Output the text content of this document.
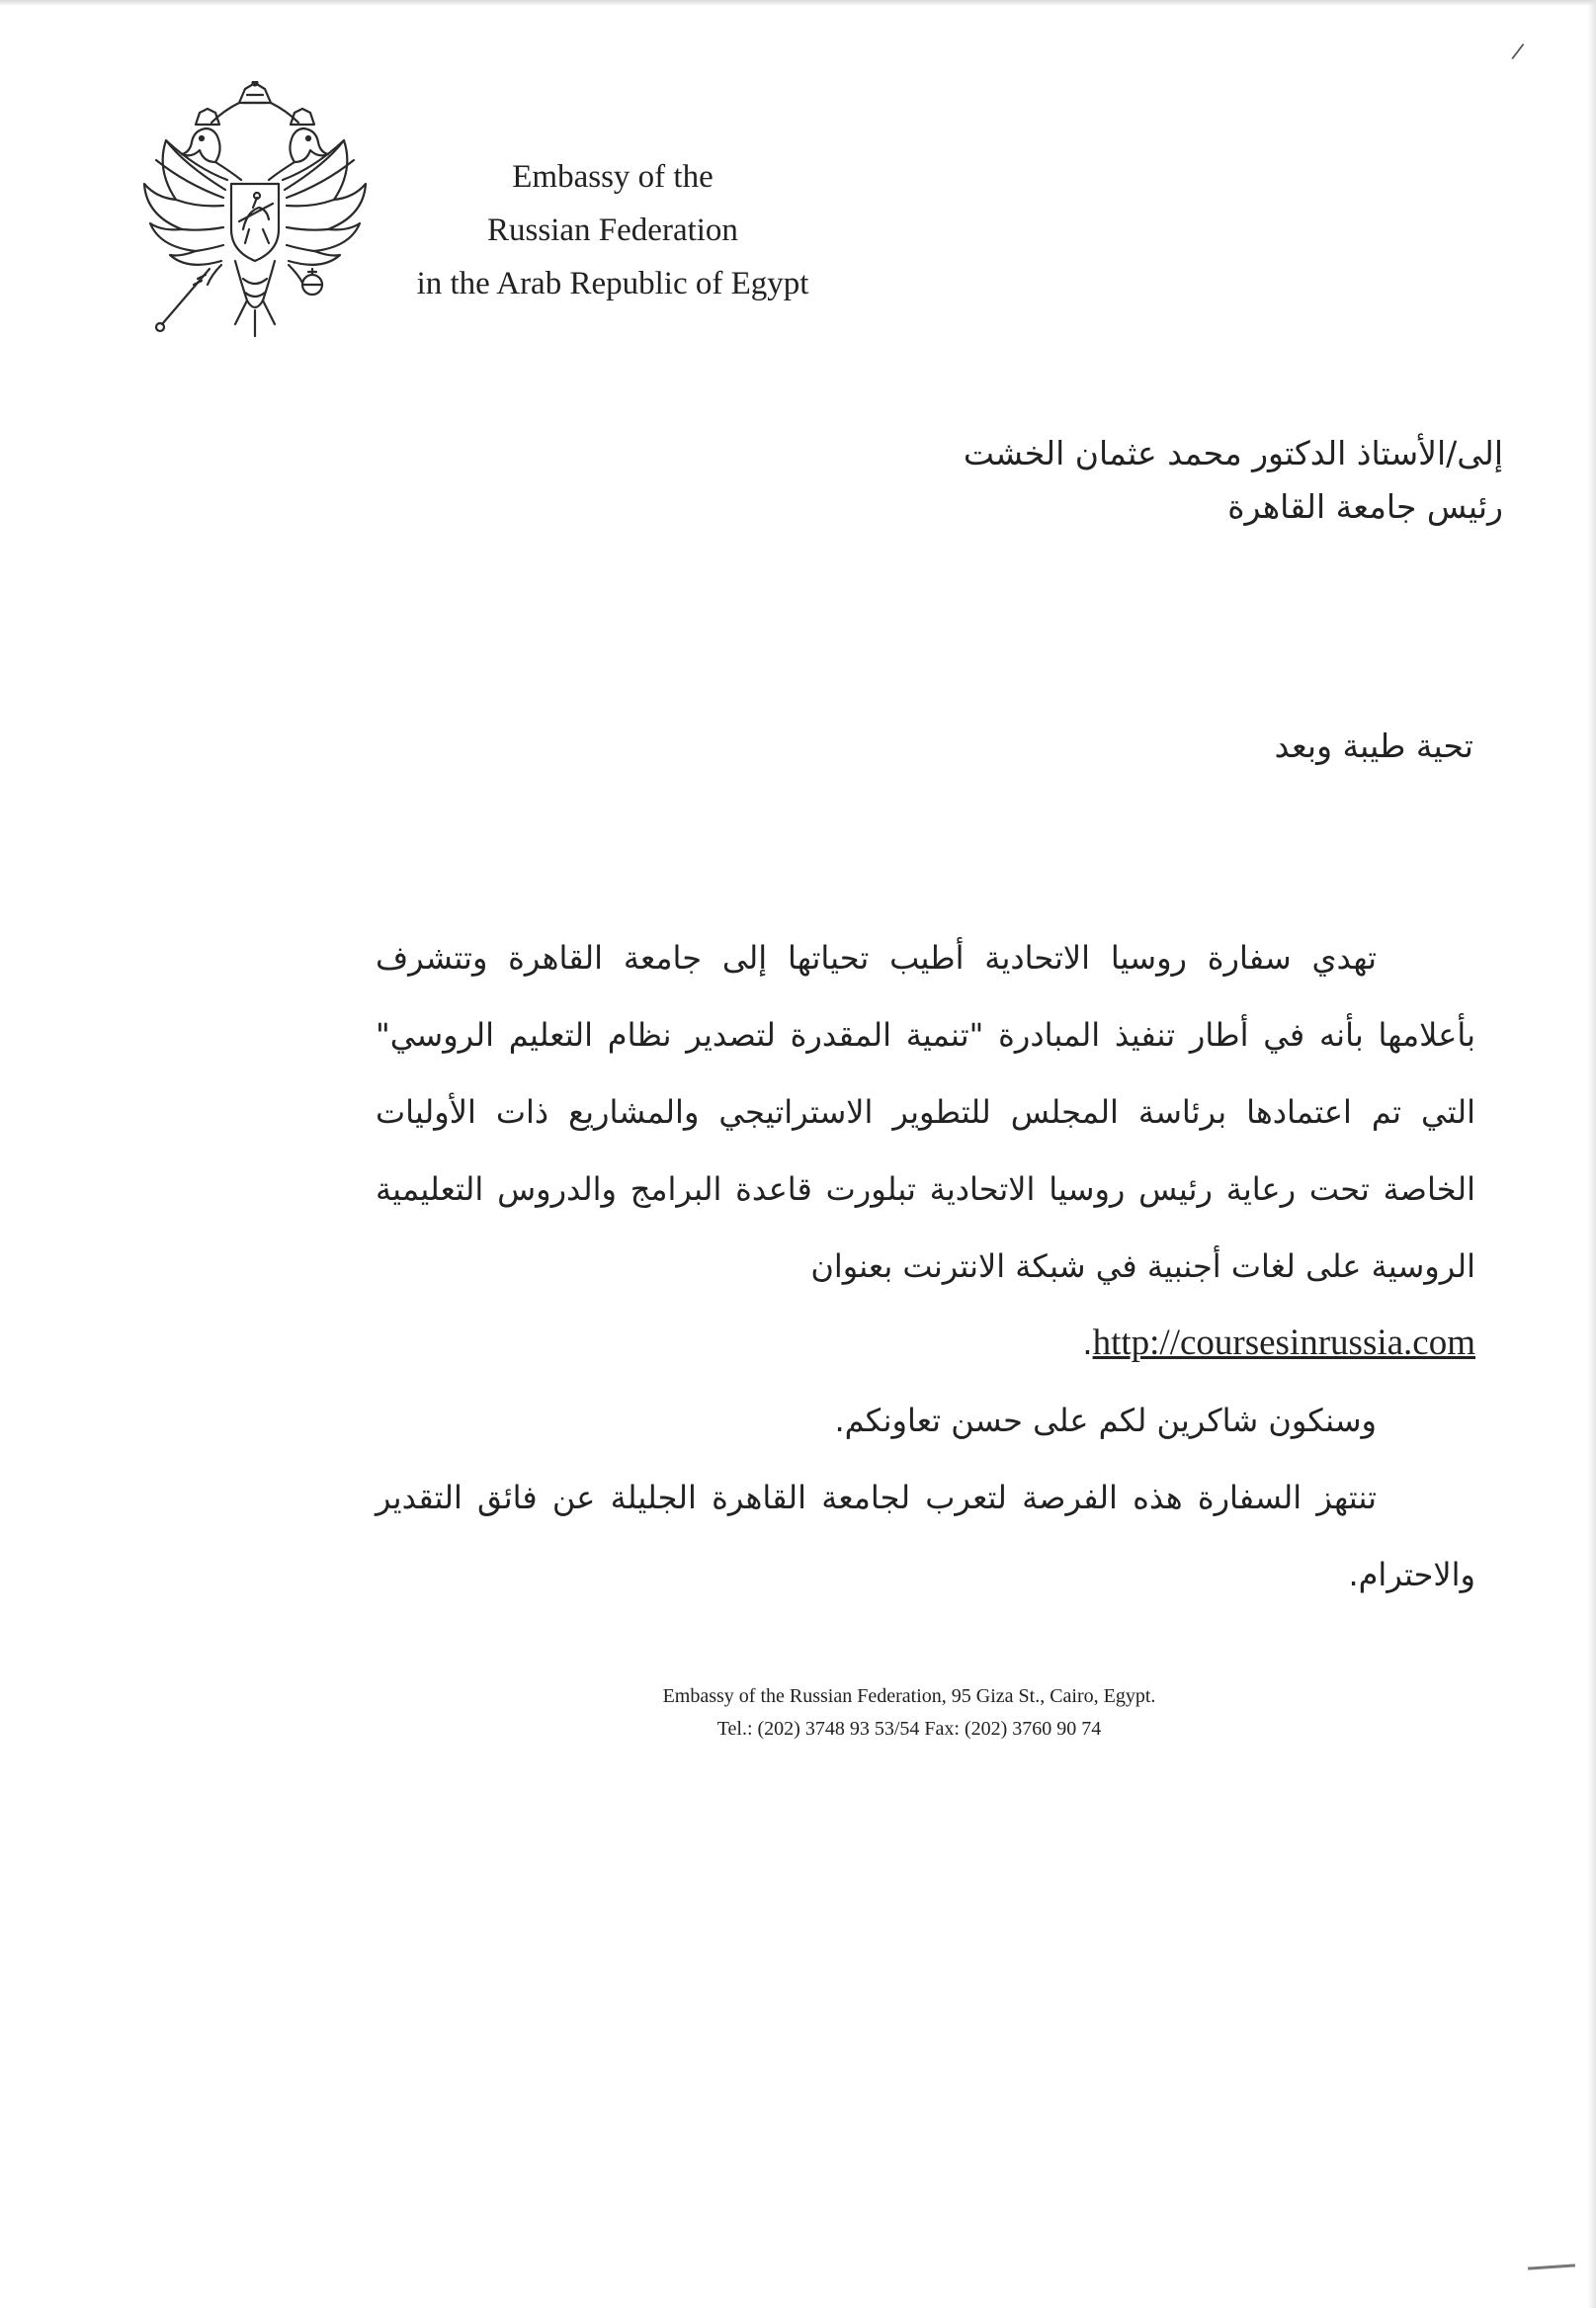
∕
Embassy of the
Russian Federation
in the Arab Republic of Egypt
إلى/الأستاذ الدكتور محمد عثمان الخشت
رئيس جامعة القاهرة
تحية طيبة وبعد

تهدي سفارة روسيا الاتحادية أطيب تحياتها إلى جامعة القاهرة وتتشرف بأعلامها بأنه في أطار تنفيذ المبادرة "تنمية المقدرة لتصدير نظام التعليم الروسي" التي تم اعتمادها برئاسة المجلس للتطوير الاستراتيجي والمشاريع ذات الأوليات الخاصة تحت رعاية رئيس روسيا الاتحادية تبلورت قاعدة البرامج والدروس التعليمية الروسية على لغات أجنبية في شبكة الانترنت بعنوان

http://coursesinrussia.com.

وسنكون شاكرين لكم على حسن تعاونكم.

تنتهز السفارة هذه الفرصة لتعرب لجامعة القاهرة الجليلة عن فائق التقدير والاحترام.

Embassy of the Russian Federation, 95 Giza St., Cairo, Egypt.
Tel.: (202) 3748 93 53/54 Fax: (202) 3760 90 74
